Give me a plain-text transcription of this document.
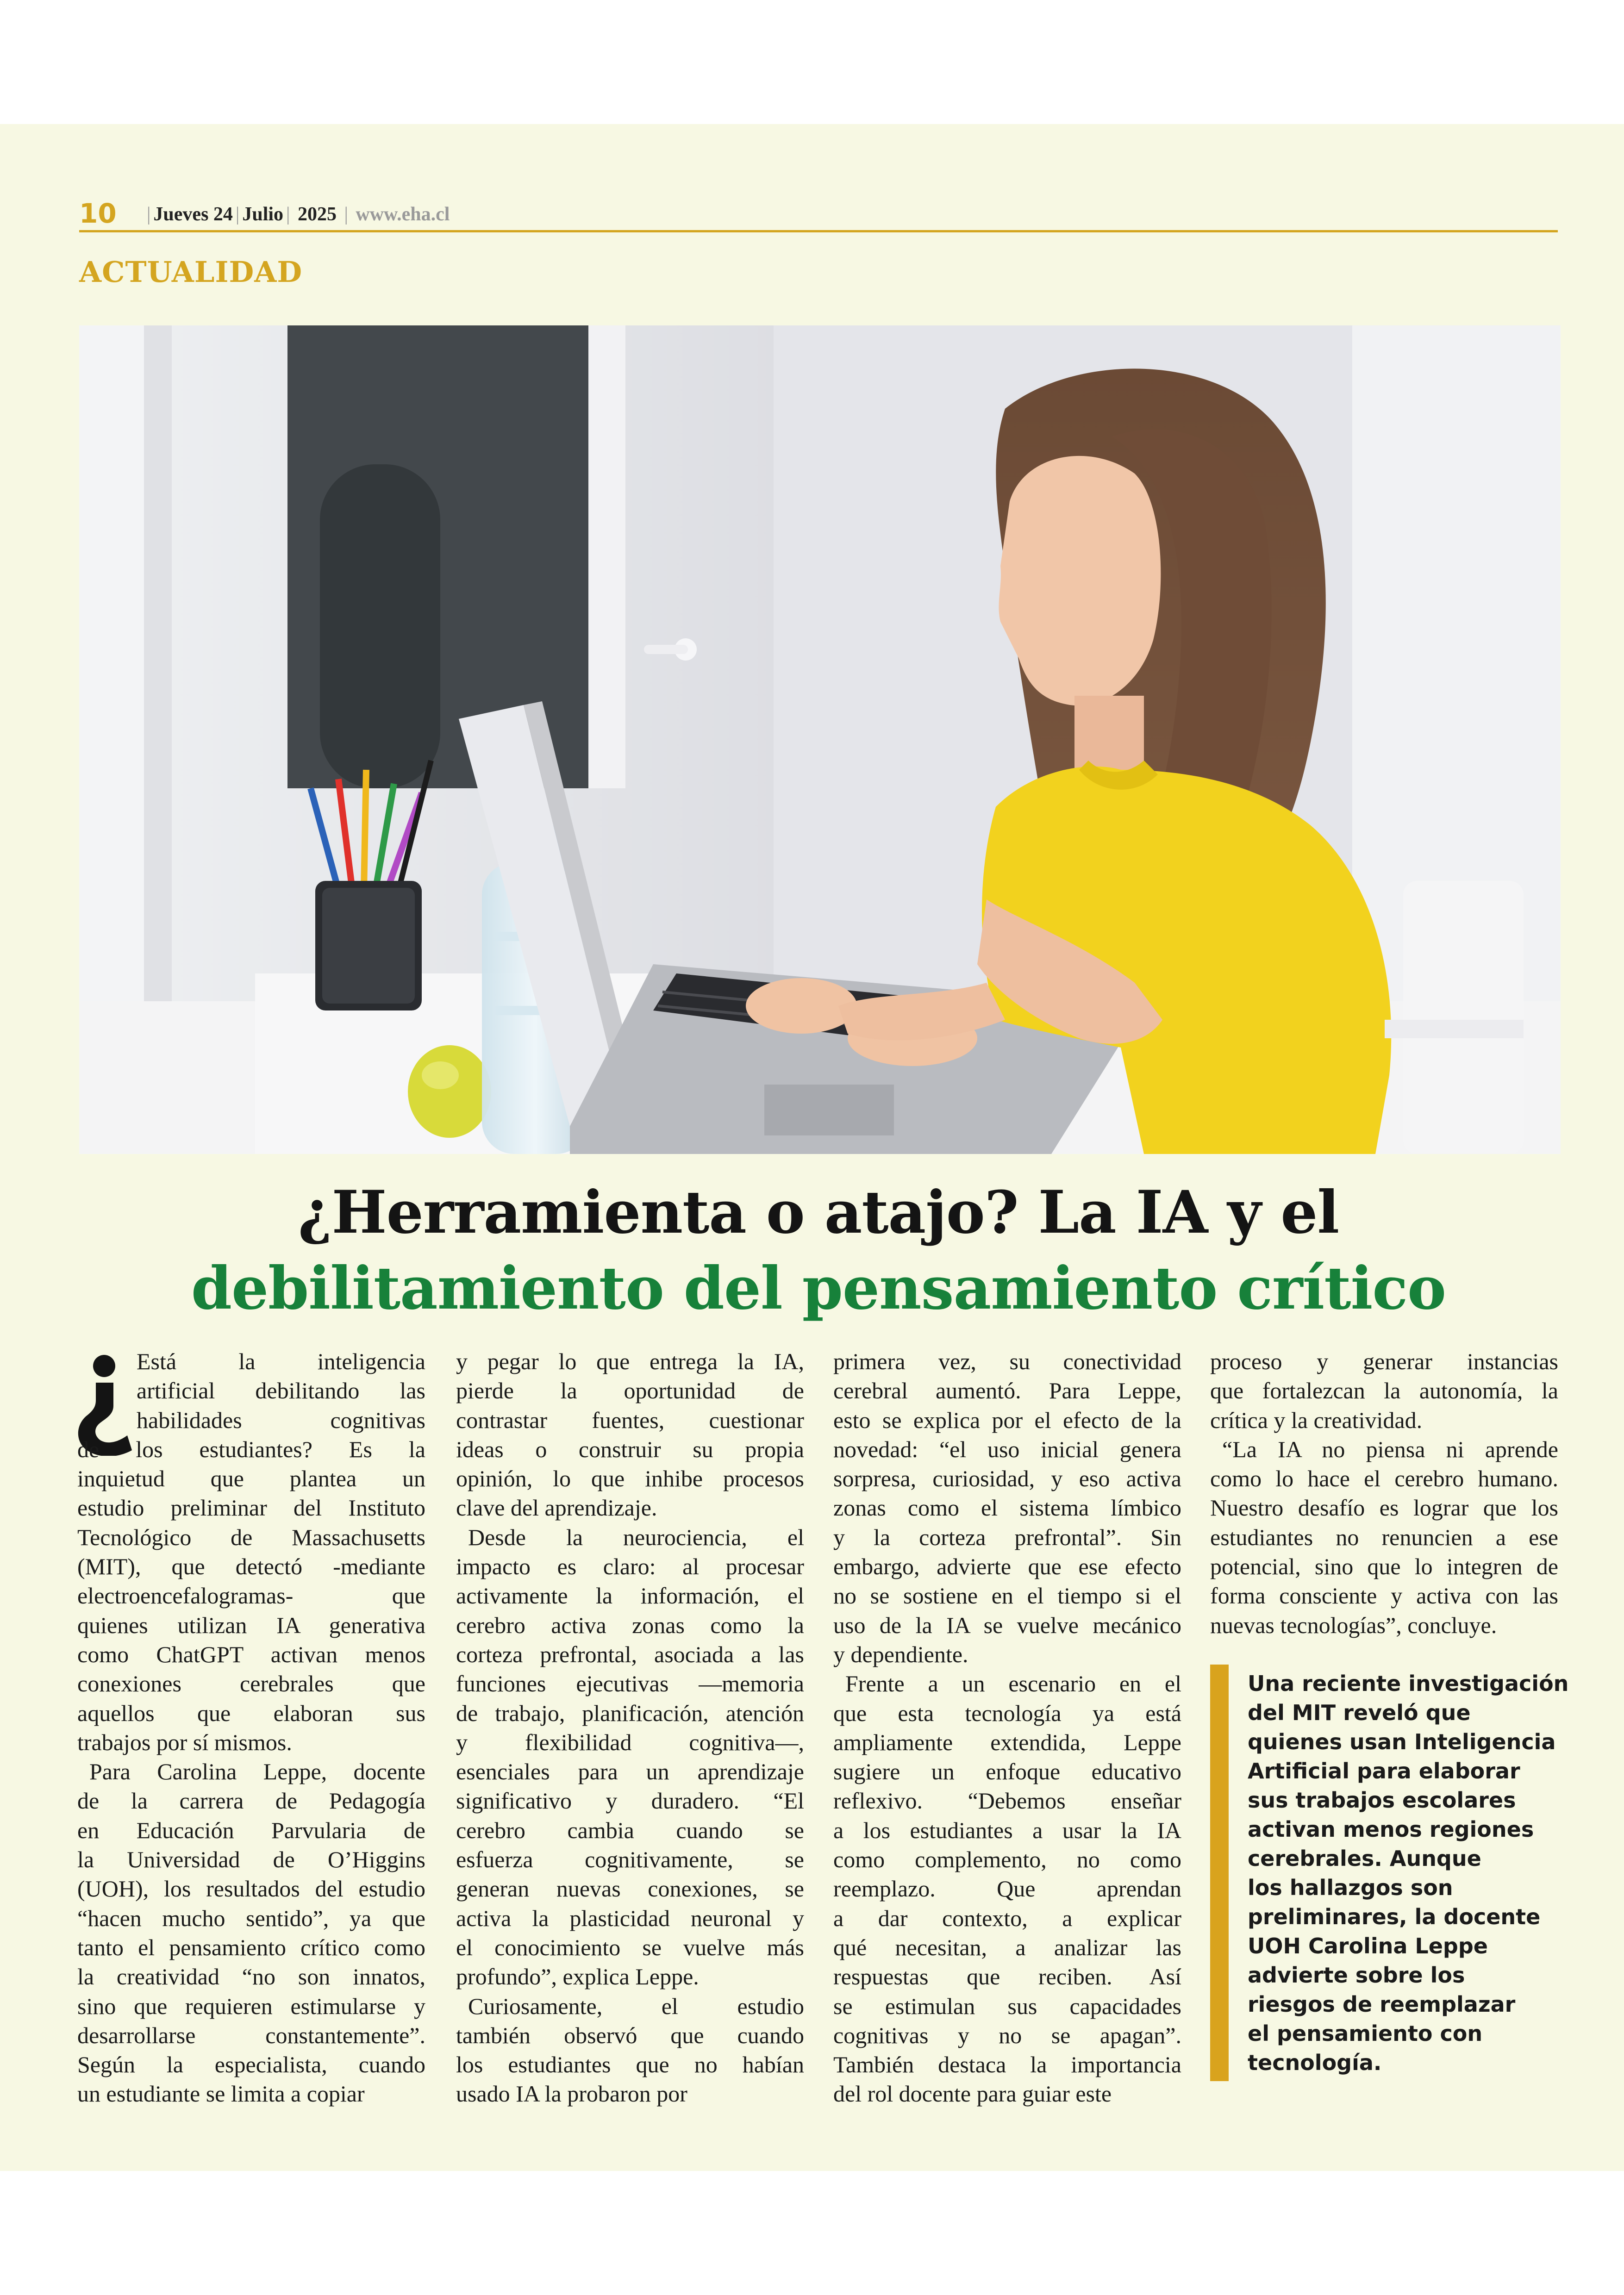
10 | Jueves 24 | Julio | 2025 | www.eha.cl
ACTUALIDAD
¿Herramienta o atajo? La IA y el
debilitamiento del pensamiento crítico

Está la inteligencia

artificial debilitando las

habilidades cognitivas

de los estudiantes? Es la

inquietud que plantea un

estudio preliminar del Instituto

Tecnológico de Massachusetts

(MIT), que detectó -mediante

electroencefalogramas- que

quienes utilizan IA generativa

como ChatGPT activan menos

conexiones cerebrales que

aquellos que elaboran sus

trabajos por sí mismos.

Para Carolina Leppe, docente

de la carrera de Pedagogía

en Educación Parvularia de

la Universidad de O’Higgins

(UOH), los resultados del estudio

“hacen mucho sentido”, ya que

tanto el pensamiento crítico como

la creatividad “no son innatos,

sino que requieren estimularse y

desarrollarse constantemente”.

Según la especialista, cuando

un estudiante se limita a copiar

y pegar lo que entrega la IA,

pierde la oportunidad de

contrastar fuentes, cuestionar

ideas o construir su propia

opinión, lo que inhibe procesos

clave del aprendizaje.

Desde la neurociencia, el

impacto es claro: al procesar

activamente la información, el

cerebro activa zonas como la

corteza prefrontal, asociada a las

funciones ejecutivas —memoria

de trabajo, planificación, atención

y flexibilidad cognitiva—,

esenciales para un aprendizaje

significativo y duradero. “El

cerebro cambia cuando se

esfuerza cognitivamente, se

generan nuevas conexiones, se

activa la plasticidad neuronal y

el conocimiento se vuelve más

profundo”, explica Leppe.

Curiosamente, el estudio

también observó que cuando

los estudiantes que no habían

usado IA la probaron por

primera vez, su conectividad

cerebral aumentó. Para Leppe,

esto se explica por el efecto de la

novedad: “el uso inicial genera

sorpresa, curiosidad, y eso activa

zonas como el sistema límbico

y la corteza prefrontal”. Sin

embargo, advierte que ese efecto

no se sostiene en el tiempo si el

uso de la IA se vuelve mecánico

y dependiente.

Frente a un escenario en el

que esta tecnología ya está

ampliamente extendida, Leppe

sugiere un enfoque educativo

reflexivo. “Debemos enseñar

a los estudiantes a usar la IA

como complemento, no como

reemplazo. Que aprendan

a dar contexto, a explicar

qué necesitan, a analizar las

respuestas que reciben. Así

se estimulan sus capacidades

cognitivas y no se apagan”.

También destaca la importancia

del rol docente para guiar este

proceso y generar instancias

que fortalezcan la autonomía, la

crítica y la creatividad.

“La IA no piensa ni aprende

como lo hace el cerebro humano.

Nuestro desafío es lograr que los

estudiantes no renuncien a ese

potencial, sino que lo integren de

forma consciente y activa con las

nuevas tecnologías”, concluye.

Una reciente investigación
del MIT reveló que
quienes usan Inteligencia
Artificial para elaborar
sus trabajos escolares
activan menos regiones
cerebrales. Aunque
los hallazgos son
preliminares, la docente
UOH Carolina Leppe
advierte sobre los
riesgos de reemplazar
el pensamiento con
tecnología.
